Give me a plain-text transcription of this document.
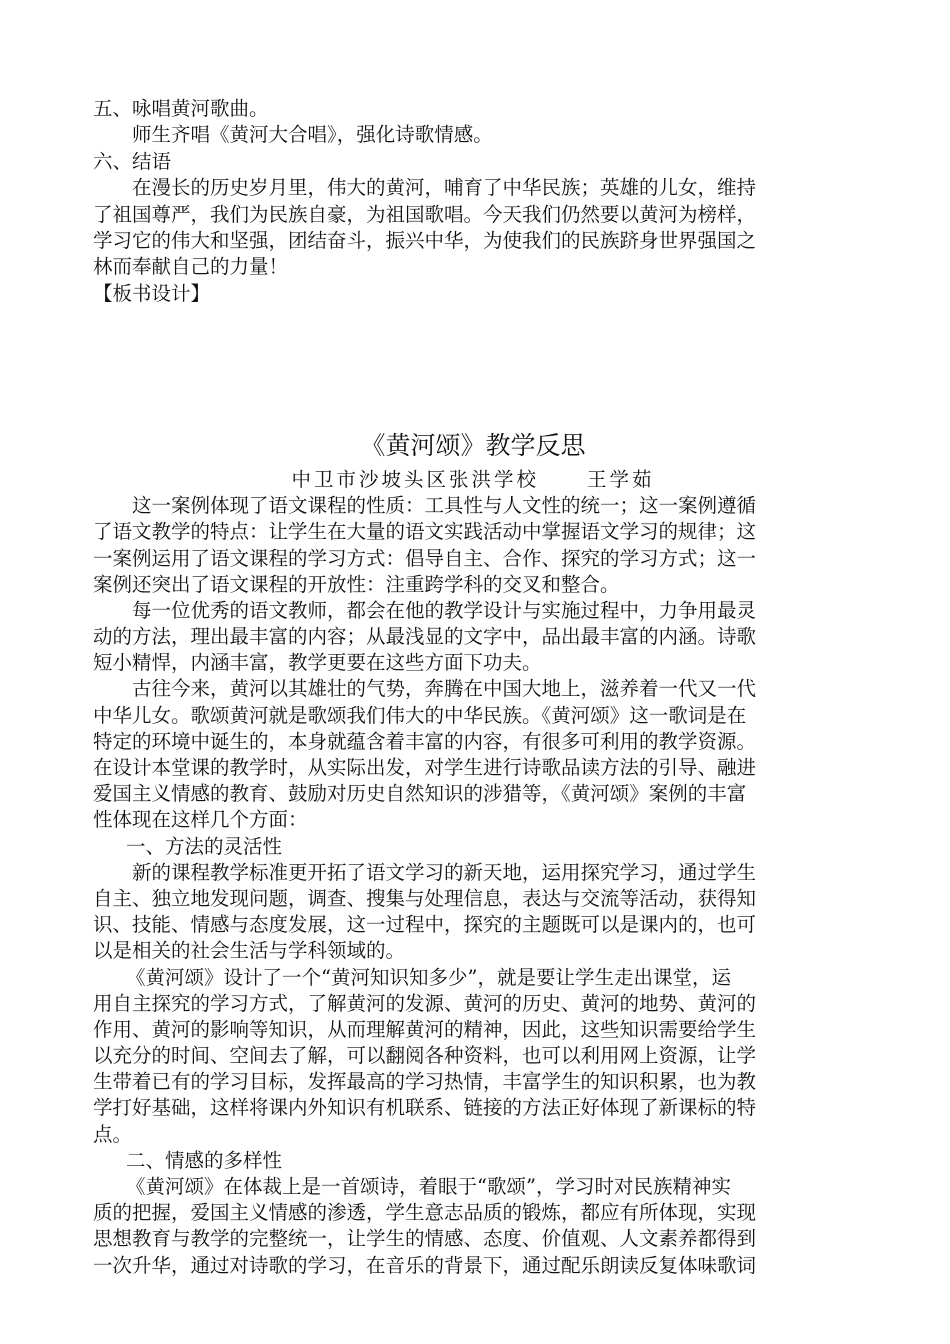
五、咏唱黄河歌曲。
师生齐唱《黄河大合唱》，强化诗歌情感。
六、结语
在漫长的历史岁月里，伟大的黄河，哺育了中华民族；英雄的儿女，维持
了祖国尊严，我们为民族自豪，为祖国歌唱。今天我们仍然要以黄河为榜样，
学习它的伟大和坚强，团结奋斗，振兴中华，为使我们的民族跻身世界强国之
林而奉献自己的力量！
【板书设计】
《黄河颂》教学反思
中卫市沙坡头区张洪学校 王学茹
这一案例体现了语文课程的性质：工具性与人文性的统一；这一案例遵循
了语文教学的特点：让学生在大量的语文实践活动中掌握语文学习的规律；这
一案例运用了语文课程的学习方式：倡导自主、合作、探究的学习方式；这一
案例还突出了语文课程的开放性：注重跨学科的交叉和整合。
每一位优秀的语文教师，都会在他的教学设计与实施过程中，力争用最灵
动的方法，理出最丰富的内容；从最浅显的文字中，品出最丰富的内涵。诗歌
短小精悍，内涵丰富，教学更要在这些方面下功夫。
古往今来，黄河以其雄壮的气势，奔腾在中国大地上，滋养着一代又一代
中华儿女。歌颂黄河就是歌颂我们伟大的中华民族。《黄河颂》这一歌词是在
特定的环境中诞生的，本身就蕴含着丰富的内容，有很多可利用的教学资源。
在设计本堂课的教学时，从实际出发，对学生进行诗歌品读方法的引导、融进
爱国主义情感的教育、鼓励对历史自然知识的涉猎等，《黄河颂》案例的丰富
性体现在这样几个方面：
一、方法的灵活性
新的课程教学标准更开拓了语文学习的新天地，运用探究学习，通过学生
自主、独立地发现问题，调查、搜集与处理信息，表达与交流等活动，获得知
识、技能、情感与态度发展，这一过程中，探究的主题既可以是课内的，也可
以是相关的社会生活与学科领域的。
《黄河颂》设计了一个“黄河知识知多少”，就是要让学生走出课堂，运
用自主探究的学习方式，了解黄河的发源、黄河的历史、黄河的地势、黄河的
作用、黄河的影响等知识，从而理解黄河的精神，因此，这些知识需要给学生
以充分的时间、空间去了解，可以翻阅各种资料，也可以利用网上资源，让学
生带着已有的学习目标，发挥最高的学习热情，丰富学生的知识积累，也为教
学打好基础，这样将课内外知识有机联系、链接的方法正好体现了新课标的特
点。
二、情感的多样性
《黄河颂》在体裁上是一首颂诗，着眼于“歌颂”，学习时对民族精神实
质的把握，爱国主义情感的渗透，学生意志品质的锻炼，都应有所体现，实现
思想教育与教学的完整统一，让学生的情感、态度、价值观、人文素养都得到
一次升华，通过对诗歌的学习，在音乐的背景下，通过配乐朗读反复体味歌词
